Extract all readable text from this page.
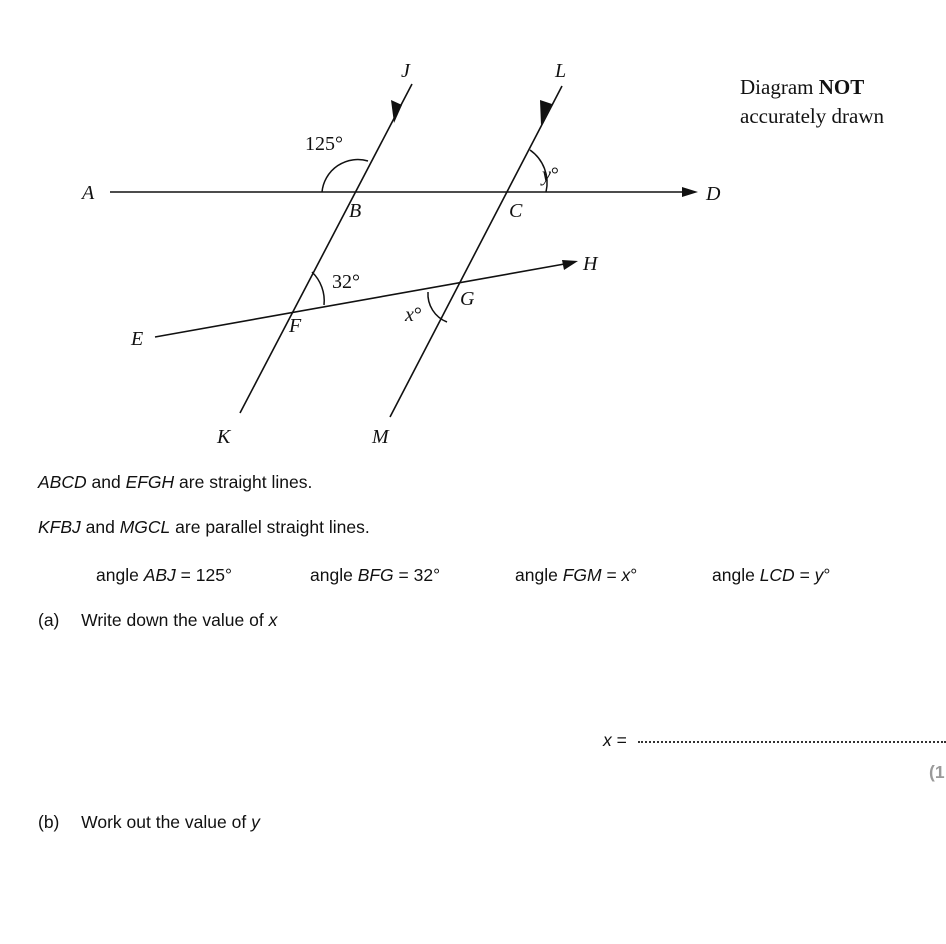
J	L
A	D
B	C
H
G
F
E
K	M
125°
32°
y°
x°
Diagram NOT
accurately drawn
ABCD and EFGH are straight lines.
KFBJ and MGCL are parallel straight lines.
angle ABJ = 125°	angle BFG = 32°	angle FGM = x°	angle LCD = y°
(a) Write down the value of x
x =
(1
(b) Work out the value of y
